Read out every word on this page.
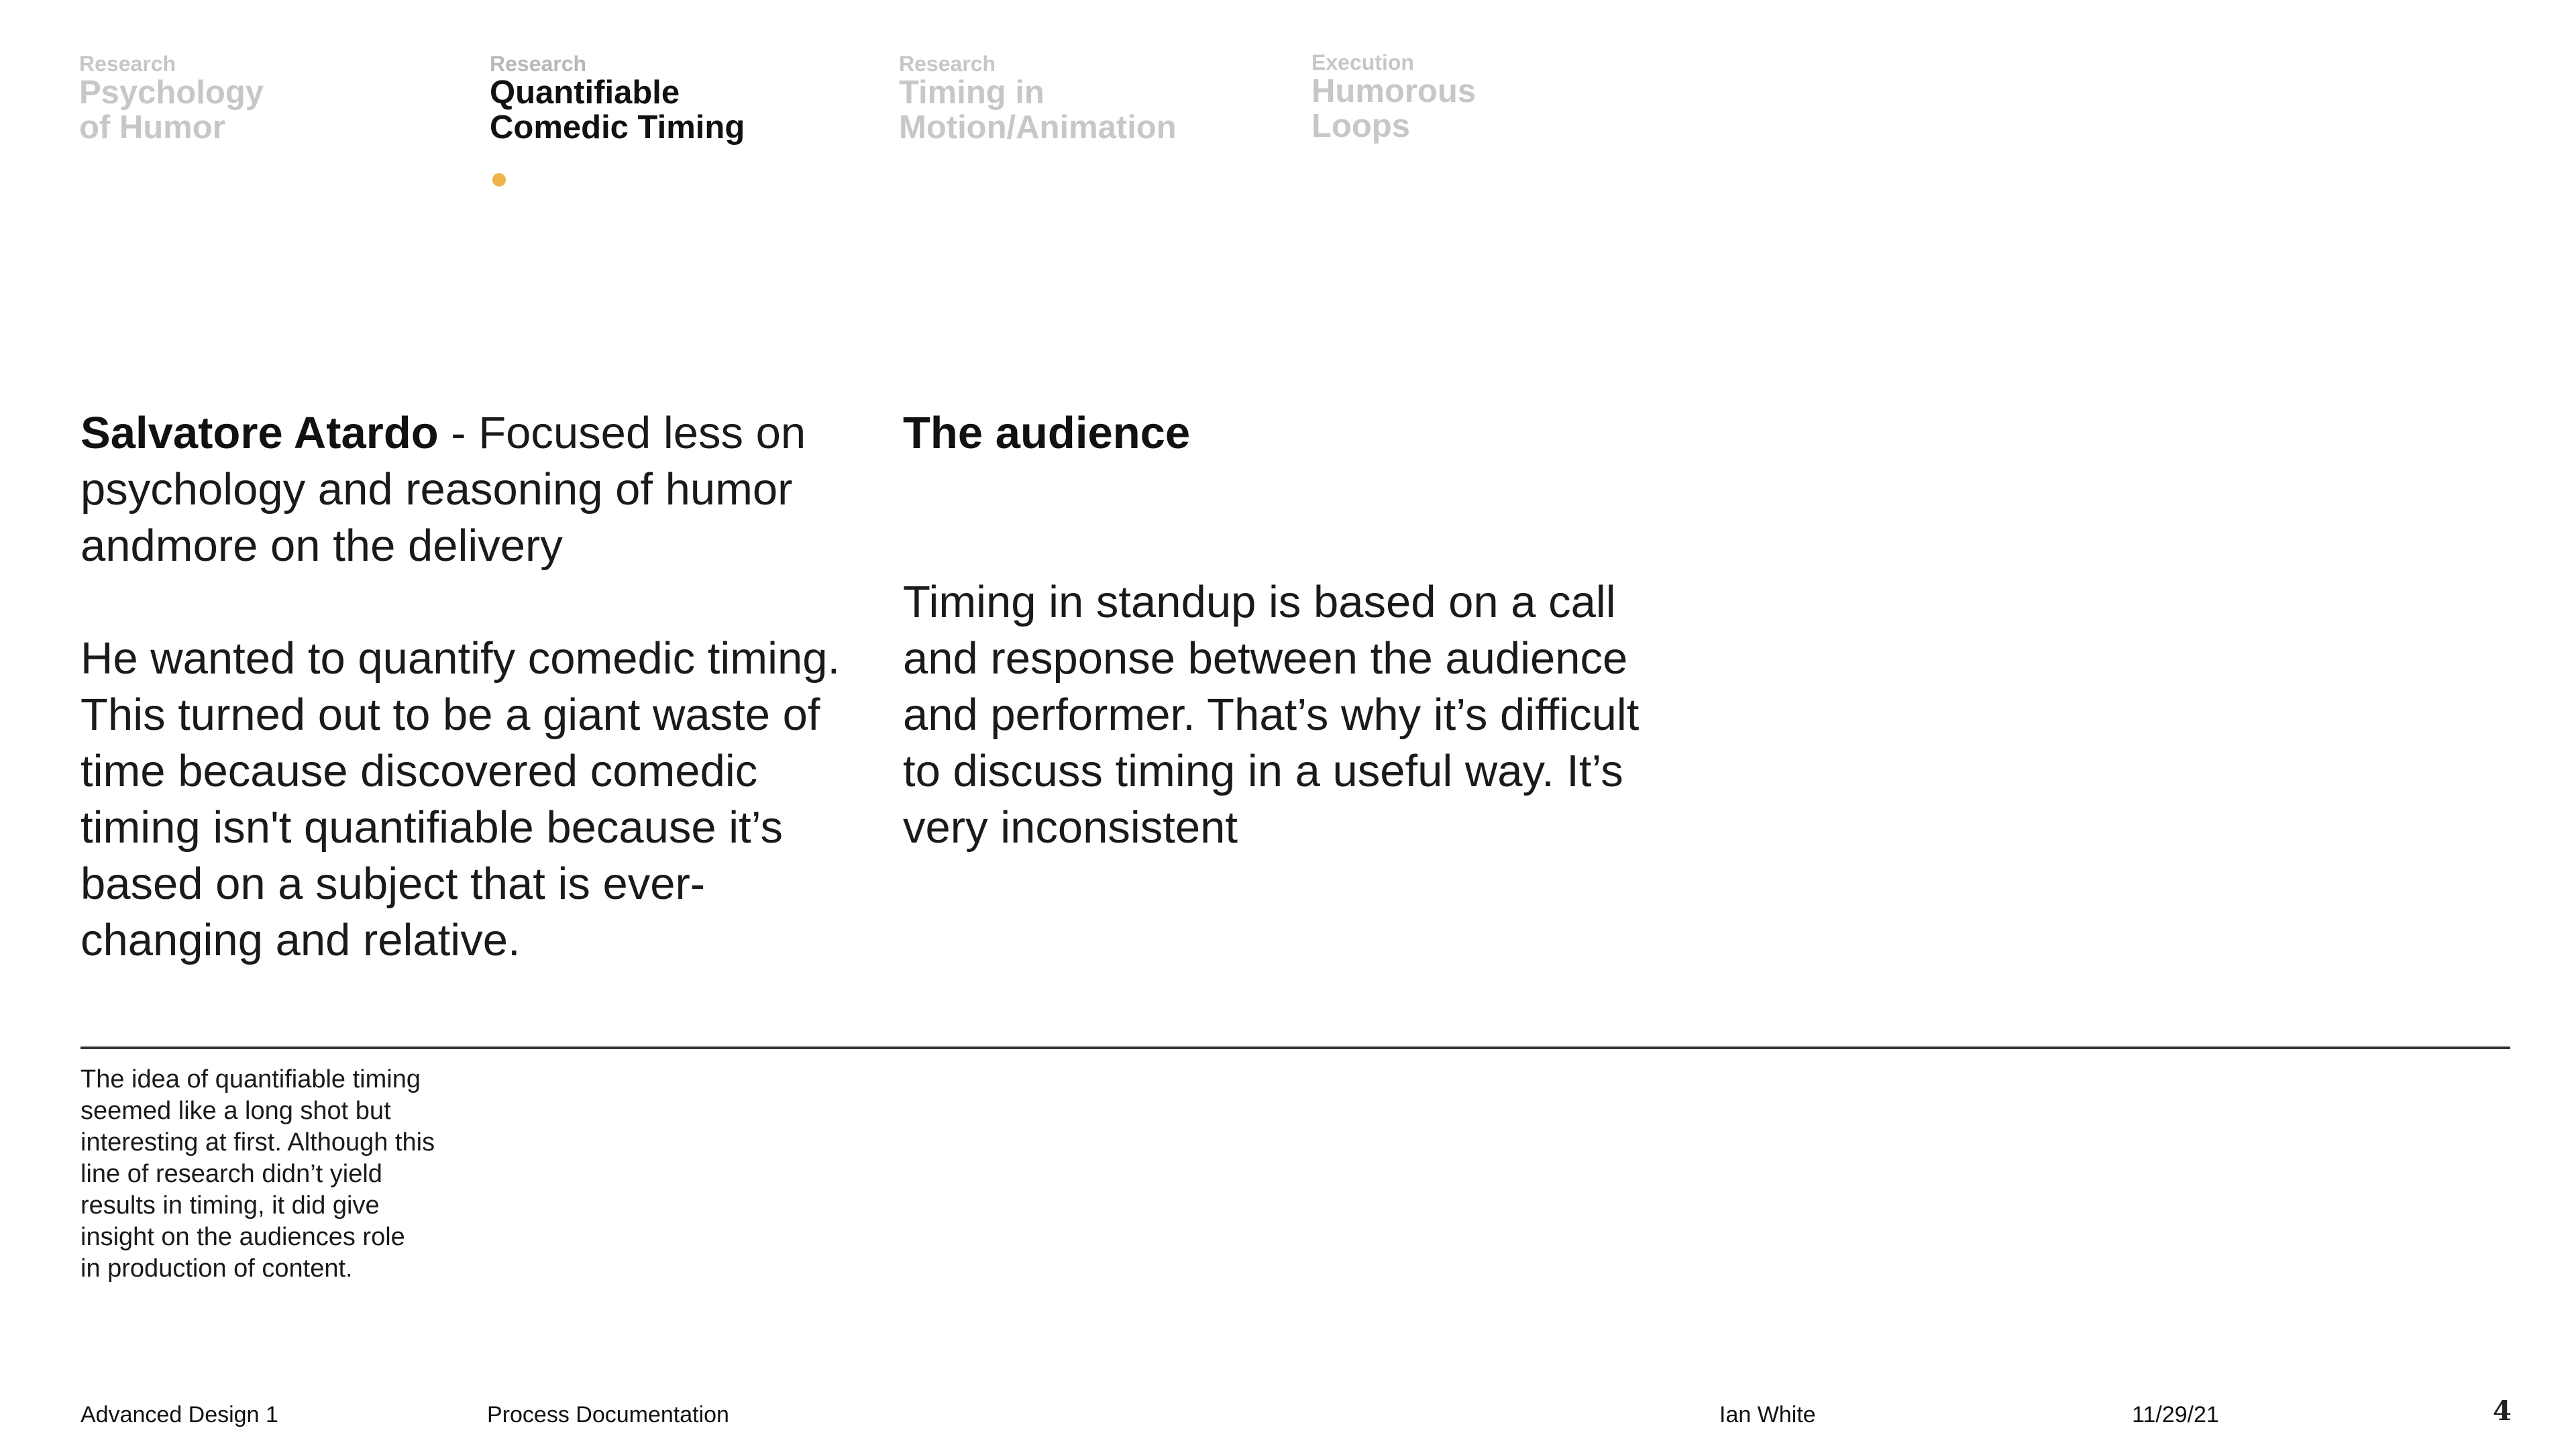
Research
Psychology
of Humor
Research
Quantifiable
Comedic Timing
Research
Timing in
Motion/Animation
Execution
Humorous
Loops

Salvatore Atardo - Focused less on psychology and reasoning of humor andmore on the delivery

He wanted to quantify comedic timing. This turned out to be a giant waste of time because discovered comedic timing isn't quantifiable because it’s based on a subject that is ever-changing and relative.

The audience

Timing in standup is based on a call and response between the audience and performer. That’s why it’s difficult to discuss timing in a useful way. It’s very inconsistent

The idea of quantifiable timing
seemed like a long shot but
interesting at first. Although this
line of research didn’t yield
results in timing, it did give
insight on the audiences role
in production of content.
Advanced Design 1	Process Documentation	Ian White	11/29/21	4
